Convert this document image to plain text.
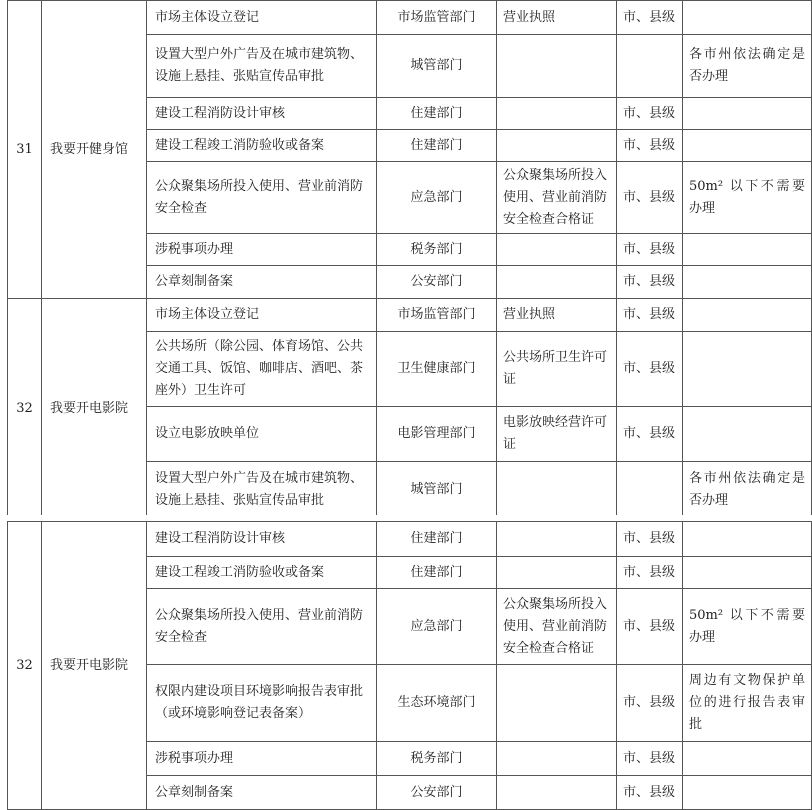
31	我要开健身馆	市场主体设立登记	市场监管部门	营业执照	市、县级	
		设置大型户外广告及在城市建筑物、设施上悬挂、张贴宣传品审批	城管部门			各市州依法确定是否办理
		建设工程消防设计审核	住建部门		市、县级	
		建设工程竣工消防验收或备案	住建部门		市、县级	
		公众聚集场所投入使用、营业前消防安全检查	应急部门	公众聚集场所投入使用、营业前消防安全检查合格证	市、县级	50m² 以下不需要办理
		涉税事项办理	税务部门		市、县级	
		公章刻制备案	公安部门		市、县级	
32	我要开电影院	市场主体设立登记	市场监管部门	营业执照	市、县级	
		公共场所（除公园、体育场馆、公共交通工具、饭馆、咖啡店、酒吧、茶座外）卫生许可	卫生健康部门	公共场所卫生许可证	市、县级	
		设立电影放映单位	电影管理部门	电影放映经营许可证	市、县级	
		设置大型户外广告及在城市建筑物、设施上悬挂、张贴宣传品审批	城管部门			各市州依法确定是否办理
32	我要开电影院	建设工程消防设计审核	住建部门		市、县级	
		建设工程竣工消防验收或备案	住建部门		市、县级	
		公众聚集场所投入使用、营业前消防安全检查	应急部门	公众聚集场所投入使用、营业前消防安全检查合格证	市、县级	50m² 以下不需要办理
		权限内建设项目环境影响报告表审批（或环境影响登记表备案）	生态环境部门		市、县级	周边有文物保护单位的进行报告表审批
		涉税事项办理	税务部门		市、县级	
		公章刻制备案	公安部门		市、县级	
